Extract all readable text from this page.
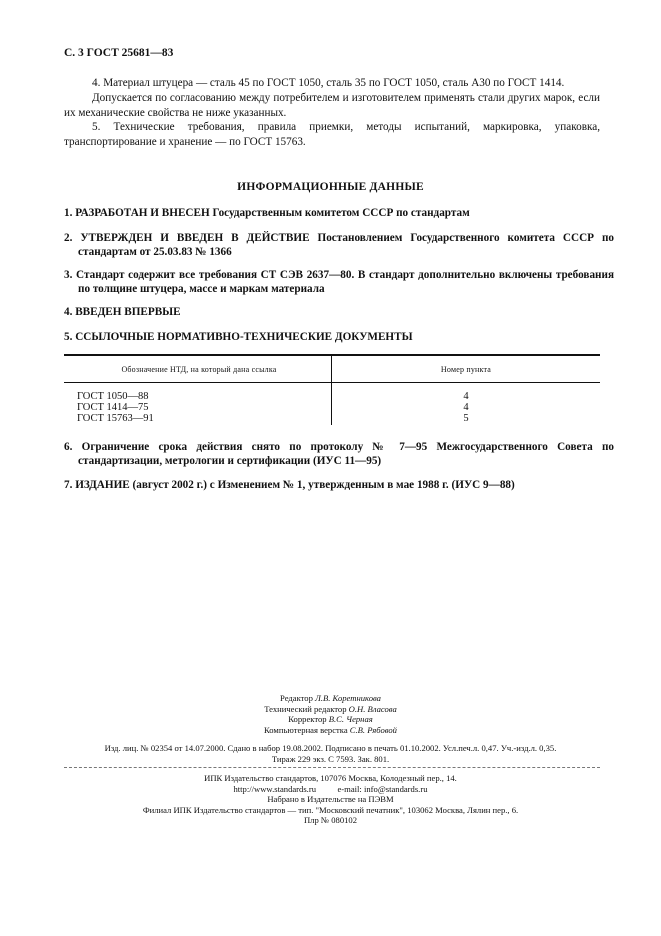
С. 3 ГОСТ 25681—83
4. Материал штуцера — сталь 45 по ГОСТ 1050, сталь 35 по ГОСТ 1050, сталь А30 по ГОСТ 1414.
Допускается по согласованию между потребителем и изготовителем применять стали других марок, если их механические свойства не ниже указанных.
5. Технические требования, правила приемки, методы испытаний, маркировка, упаковка, транспортирование и хранение — по ГОСТ 15763.
ИНФОРМАЦИОННЫЕ ДАННЫЕ
1. РАЗРАБОТАН И ВНЕСЕН Государственным комитетом СССР по стандартам
2. УТВЕРЖДЕН И ВВЕДЕН В ДЕЙСТВИЕ Постановлением Государственного комитета СССР по стандартам от 25.03.83 № 1366
3. Стандарт содержит все требования СТ СЭВ 2637—80. В стандарт дополнительно включены требования по толщине штуцера, массе и маркам материала
4. ВВЕДЕН ВПЕРВЫЕ
5. ССЫЛОЧНЫЕ НОРМАТИВНО-ТЕХНИЧЕСКИЕ ДОКУМЕНТЫ
Обозначение НТД, на который дана ссылка	Номер пункта
ГОСТ 1050—88
ГОСТ 1414—75
ГОСТ 15763—91
4
4
5
6. Ограничение срока действия снято по протоколу № 7—95 Межгосударственного Совета по стандартизации, метрологии и сертификации (ИУС 11—95)
7. ИЗДАНИЕ (август 2002 г.) с Изменением № 1, утвержденным в мае 1988 г. (ИУС 9—88)
Редактор Л.В. Коретникова
Технический редактор О.Н. Власова
Корректор В.С. Черная
Компьютерная верстка С.В. Рябовой
Изд. лиц. № 02354 от 14.07.2000. Сдано в набор 19.08.2002. Подписано в печать 01.10.2002. Усл.печ.л. 0,47. Уч.-изд.л. 0,35.
Тираж 229 экз. С 7593. Зак. 801.
ИПК Издательство стандартов, 107076 Москва, Колодезный пер., 14.
http://www.standards.ru e-mail: info@standards.ru
Набрано в Издательстве на ПЭВМ
Филиал ИПК Издательство стандартов — тип. "Московский печатник", 103062 Москва, Лялин пер., 6.
Плр № 080102
